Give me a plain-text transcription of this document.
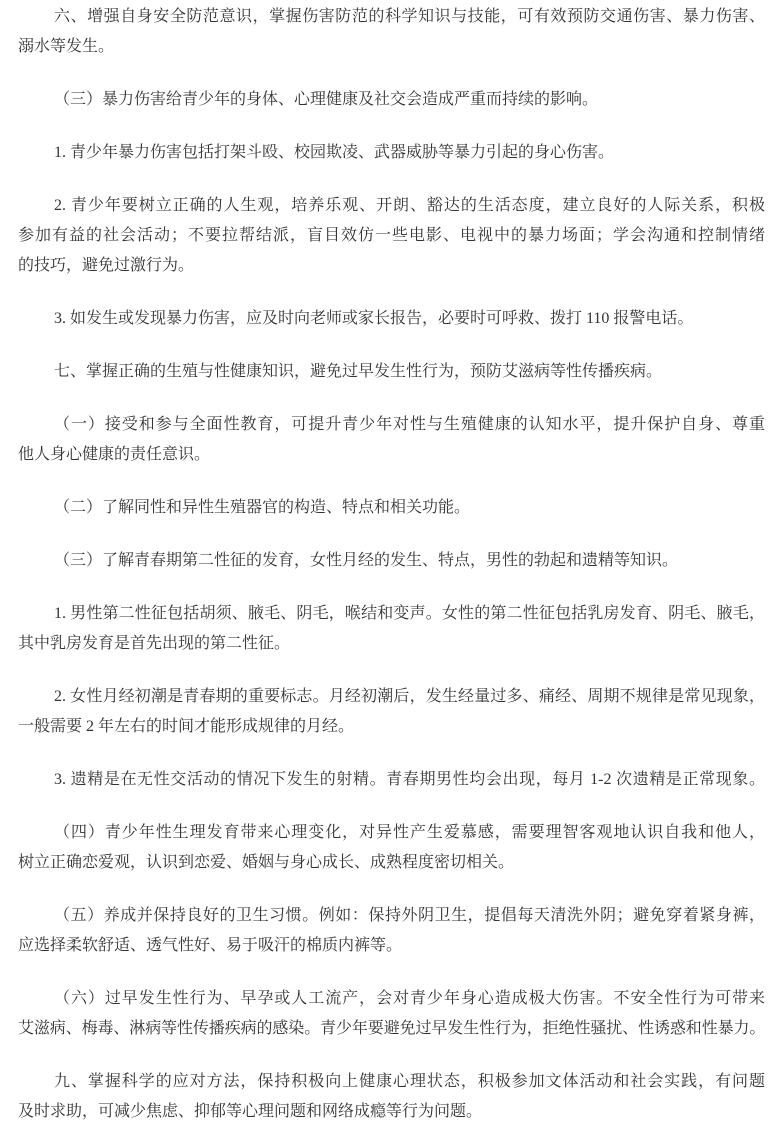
六、增强自身安全防范意识，掌握伤害防范的科学知识与技能，可有效预防交通伤害、暴力伤害、
溺水等发生。
（三）暴力伤害给青少年的身体、心理健康及社交会造成严重而持续的影响。
1. 青少年暴力伤害包括打架斗殴、校园欺凌、武器威胁等暴力引起的身心伤害。
2. 青少年要树立正确的人生观，培养乐观、开朗、豁达的生活态度，建立良好的人际关系，积极
参加有益的社会活动；不要拉帮结派，盲目效仿一些电影、电视中的暴力场面；学会沟通和控制情绪
的技巧，避免过激行为。
3. 如发生或发现暴力伤害，应及时向老师或家长报告，必要时可呼救、拨打 110 报警电话。
七、掌握正确的生殖与性健康知识，避免过早发生性行为，预防艾滋病等性传播疾病。
（一）接受和参与全面性教育，可提升青少年对性与生殖健康的认知水平，提升保护自身、尊重
他人身心健康的责任意识。
（二）了解同性和异性生殖器官的构造、特点和相关功能。
（三）了解青春期第二性征的发育，女性月经的发生、特点，男性的勃起和遗精等知识。
1. 男性第二性征包括胡须、腋毛、阴毛，喉结和变声。女性的第二性征包括乳房发育、阴毛、腋毛，
其中乳房发育是首先出现的第二性征。
2. 女性月经初潮是青春期的重要标志。月经初潮后，发生经量过多、痛经、周期不规律是常见现象，
一般需要 2 年左右的时间才能形成规律的月经。
3. 遗精是在无性交活动的情况下发生的射精。青春期男性均会出现，每月 1-2 次遗精是正常现象。
（四）青少年性生理发育带来心理变化，对异性产生爱慕感，需要理智客观地认识自我和他人，
树立正确恋爱观，认识到恋爱、婚姻与身心成长、成熟程度密切相关。
（五）养成并保持良好的卫生习惯。例如：保持外阴卫生，提倡每天清洗外阴；避免穿着紧身裤，
应选择柔软舒适、透气性好、易于吸汗的棉质内裤等。
（六）过早发生性行为、早孕或人工流产，会对青少年身心造成极大伤害。不安全性行为可带来
艾滋病、梅毒、淋病等性传播疾病的感染。青少年要避免过早发生性行为，拒绝性骚扰、性诱惑和性暴力。
九、掌握科学的应对方法，保持积极向上健康心理状态，积极参加文体活动和社会实践，有问题
及时求助，可减少焦虑、抑郁等心理问题和网络成瘾等行为问题。
